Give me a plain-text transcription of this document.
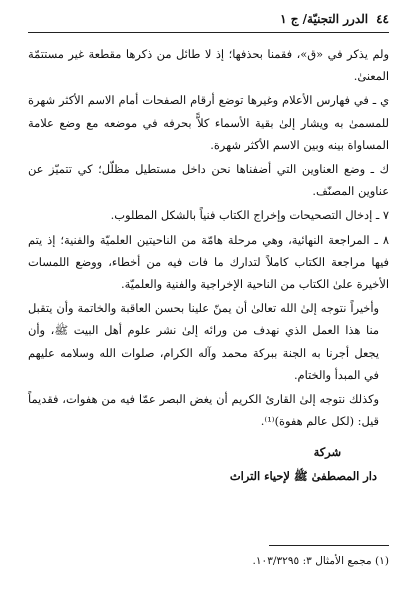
٤٤
الدرر التجنيّة/ ج ١

ولم يذكر في «ق»، فقمنا بحذفها؛ إذ لا طائل من ذكرها مقطعة غير مستتمّة المعنىٰ.

ي ـ في فهارس الأعلام وغيرها توضع أرقام الصفحات أمام الاسم الأكثر شهرة للمسمىٰ به ويشار إلىٰ بقية الأسماء كلاًّ بحرفه في موضعه مع وضع علامة المساواة بينه وبين الاسم الأكثر شهرة.

ك ـ وضع العناوين التي أضفناها نحن داخل مستطيل مظلّل؛ كي تتميّز عن عناوين المصنّف.

٧ ـ إدخال التصحيحات وإخراج الكتاب فنياً بالشكل المطلوب.

٨ ـ المراجعة النهائية، وهي مرحلة هامّة من الناحيتين العلميّة والفنية؛ إذ يتم فيها مراجعة الكتاب كاملاً لتدارك ما فات فيه من أخطاء، ووضع اللمسات الأخيرة علىٰ الكتاب من الناحية الإخراجية والفنية والعلميّة.

وأخيراً نتوجه إلىٰ الله تعالىٰ أن يمنّ علينا بحسن العاقبة والخاتمة وأن يتقبل منا هذا العمل الذي نهدف من ورائه إلىٰ نشر علوم أهل البيت ﷺ، وأن يجعل أجرنا به الجنة ببركة محمد وآله الكرام، صلوات الله وسلامه عليهم في المبدأ والختام.

وكذلك نتوجه إلىٰ القارئ الكريم أن يغض البصر عمّا فيه من هفوات، فقديماً قيل: (لكل عالم هفوة)⁽¹⁾.

شركة
دار المصطفىٰ ﷺ لإحياء التراث
(١) مجمع الأمثال ٣: ١٠٣/٣٢٩٥.
